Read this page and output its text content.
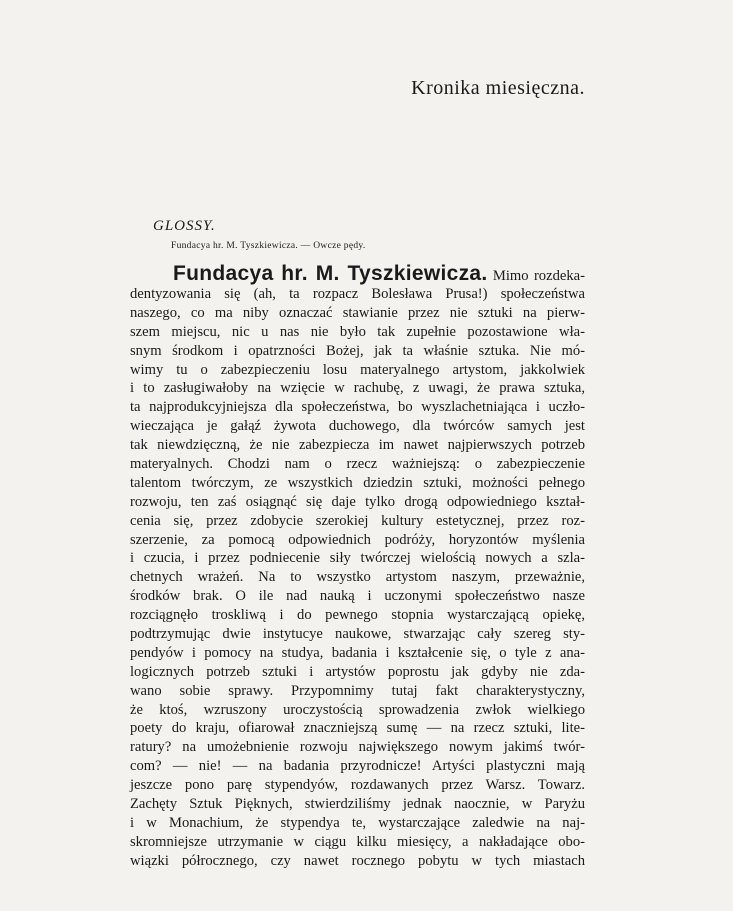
Kronika miesięczna.
GLOSSY.
Fundacya hr. M. Tyszkiewicza. — Owcze pędy.
Fundacya hr. M. Tyszkiewicza. Mimo rozdeka-
dentyzowania się (ah, ta rozpacz Bolesława Prusa!) społeczeństwa
naszego, co ma niby oznaczać stawianie przez nie sztuki na pierw-
szem miejscu, nic u nas nie było tak zupełnie pozostawione wła-
snym środkom i opatrzności Bożej, jak ta właśnie sztuka. Nie mó-
wimy tu o zabezpieczeniu losu materyalnego artystom, jakkolwiek
i to zasługiwałoby na wzięcie w rachubę, z uwagi, że prawa sztuka,
ta najprodukcyjniejsza dla społeczeństwa, bo wyszlachetniająca i uczło-
wieczająca je gałąź żywota duchowego, dla twórców samych jest
tak niewdzięczną, że nie zabezpiecza im nawet najpierwszych potrzeb
materyalnych. Chodzi nam o rzecz ważniejszą: o zabezpieczenie
talentom twórczym, ze wszystkich dziedzin sztuki, możności pełnego
rozwoju, ten zaś osiągnąć się daje tylko drogą odpowiedniego kształ-
cenia się, przez zdobycie szerokiej kultury estetycznej, przez roz-
szerzenie, za pomocą odpowiednich podróży, horyzontów myślenia
i czucia, i przez podniecenie siły twórczej wielością nowych a szla-
chetnych wrażeń. Na to wszystko artystom naszym, przeważnie,
środków brak. O ile nad nauką i uczonymi społeczeństwo nasze
rozciągnęło troskliwą i do pewnego stopnia wystarczającą opiekę,
podtrzymując dwie instytucye naukowe, stwarzając cały szereg sty-
pendyów i pomocy na studya, badania i kształcenie się, o tyle z ana-
logicznych potrzeb sztuki i artystów poprostu jak gdyby nie zda-
wano sobie sprawy. Przypomnimy tutaj fakt charakterystyczny,
że ktoś, wzruszony uroczystością sprowadzenia zwłok wielkiego
poety do kraju, ofiarował znaczniejszą sumę — na rzecz sztuki, lite-
ratury? na umożebnienie rozwoju największego nowym jakimś twór-
com? — nie! — na badania przyrodnicze! Artyści plastyczni mają
jeszcze pono parę stypendyów, rozdawanych przez Warsz. Towarz.
Zachęty Sztuk Pięknych, stwierdziliśmy jednak naocznie, w Paryżu
i w Monachium, że stypendya te, wystarczające zaledwie na naj-
skromniejsze utrzymanie w ciągu kilku miesięcy, a nakładające obo-
wiązki półrocznego, czy nawet rocznego pobytu w tych miastach
